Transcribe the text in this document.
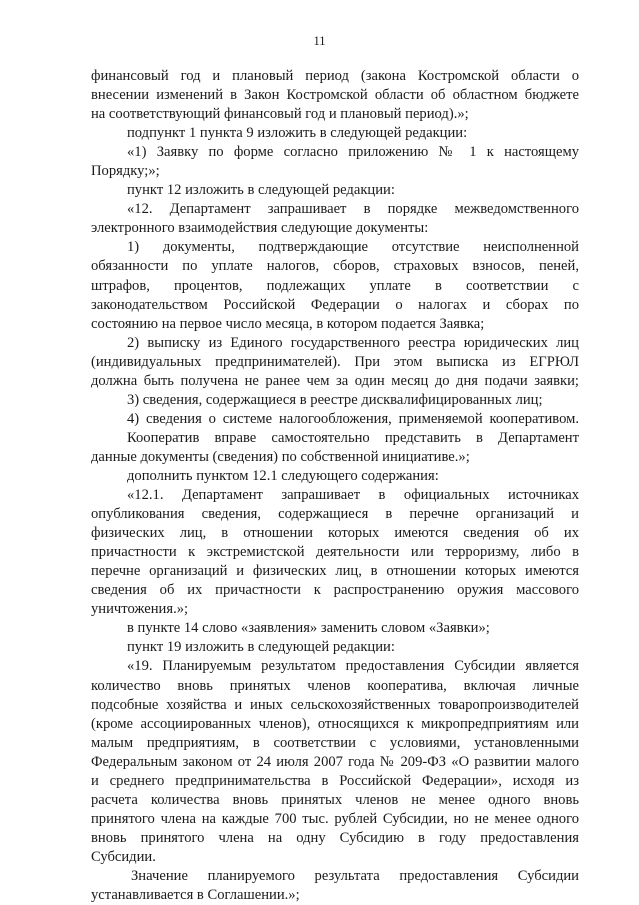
11
финансовый год и плановый период (закона Костромской области о
внесении изменений в Закон Костромской области об областном бюджете
на соответствующий финансовый год и плановый период).»;
подпункт 1 пункта 9 изложить в следующей редакции:
«1) Заявку по форме согласно приложению № 1 к настоящему
Порядку;»;
пункт 12 изложить в следующей редакции:
«12. Департамент запрашивает в порядке межведомственного
электронного взаимодействия следующие документы:
1) документы, подтверждающие отсутствие неисполненной
обязанности по уплате налогов, сборов, страховых взносов, пеней,
штрафов, процентов, подлежащих уплате в соответствии с
законодательством Российской Федерации о налогах и сборах по
состоянию на первое число месяца, в котором подается Заявка;
2) выписку из Единого государственного реестра юридических лиц
(индивидуальных предпринимателей). При этом выписка из ЕГРЮЛ
должна быть получена не ранее чем за один месяц до дня подачи заявки;
3) сведения, содержащиеся в реестре дисквалифицированных лиц;
4) сведения о системе налогообложения, применяемой кооперативом.
Кооператив вправе самостоятельно представить в Департамент
данные документы (сведения) по собственной инициативе.»;
дополнить пунктом 12.1 следующего содержания:
«12.1. Департамент запрашивает в официальных источниках
опубликования сведения, содержащиеся в перечне организаций и
физических лиц, в отношении которых имеются сведения об их
причастности к экстремистской деятельности или терроризму, либо в
перечне организаций и физических лиц, в отношении которых имеются
сведения об их причастности к распространению оружия массового
уничтожения.»;
в пункте 14 слово «заявления» заменить словом «Заявки»;
пункт 19 изложить в следующей редакции:
«19. Планируемым результатом предоставления Субсидии является
количество вновь принятых членов кооператива, включая личные
подсобные хозяйства и иных сельскохозяйственных товаропроизводителей
(кроме ассоциированных членов), относящихся к микропредприятиям или
малым предприятиям, в соответствии с условиями, установленными
Федеральным законом от 24 июля 2007 года № 209-ФЗ «О развитии малого
и среднего предпринимательства в Российской Федерации», исходя из
расчета количества вновь принятых членов не менее одного вновь
принятого члена на каждые 700 тыс. рублей Субсидии, но не менее одного
вновь принятого члена на одну Субсидию в году предоставления
Субсидии.
Значение планируемого результата предоставления Субсидии
устанавливается в Соглашении.»;
